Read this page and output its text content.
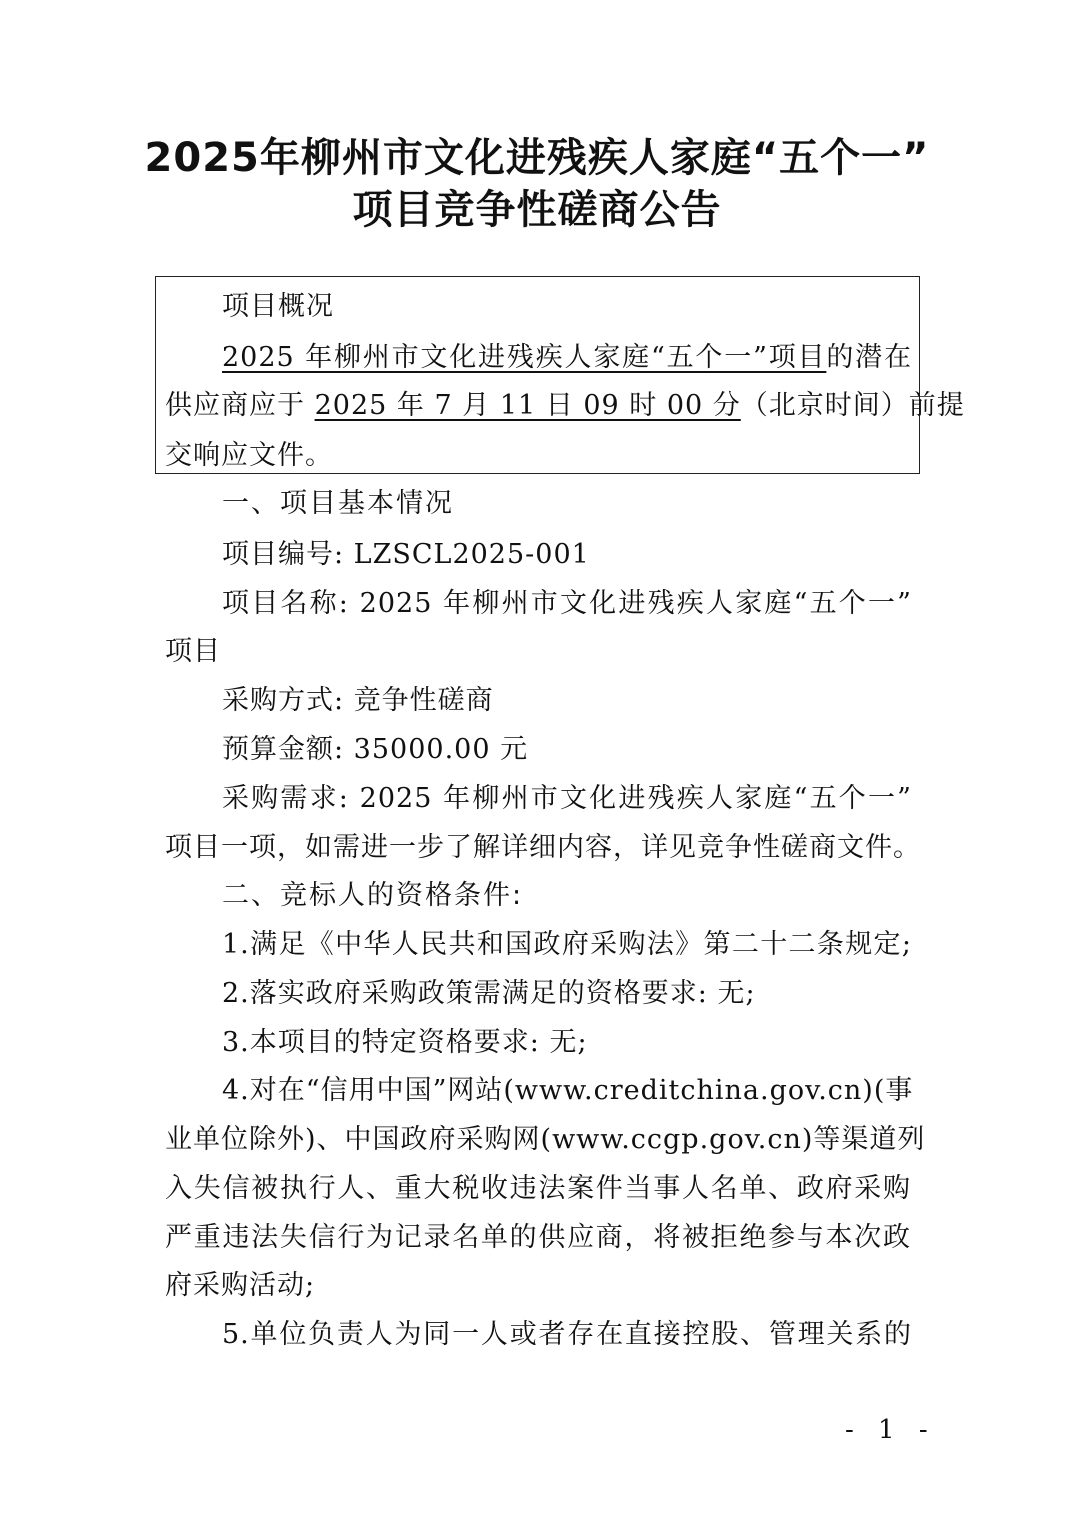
2025年柳州市文化进残疾人家庭“五个一”
项目竞争性磋商公告
项目概况
2025 年柳州市文化进残疾人家庭“五个一”项目的潜在
供应商应于 2025 年 7 月 11 日 09 时 00 分（北京时间）前提
交响应文件。
一、项目基本情况
项目编号: LZSCL2025-001
项目名称: 2025 年柳州市文化进残疾人家庭“五个一”
项目
采购方式: 竞争性磋商
预算金额: 35000.00 元
采购需求: 2025 年柳州市文化进残疾人家庭“五个一”
项目一项，如需进一步了解详细内容，详见竞争性磋商文件。
二、竞标人的资格条件:
1.满足《中华人民共和国政府采购法》第二十二条规定;
2.落实政府采购政策需满足的资格要求: 无;
3.本项目的特定资格要求: 无;
4.对在“信用中国”网站(www.creditchina.gov.cn)(事
业单位除外)、中国政府采购网(www.ccgp.gov.cn)等渠道列
入失信被执行人、重大税收违法案件当事人名单、政府采购
严重违法失信行为记录名单的供应商，将被拒绝参与本次政
府采购活动;
5.单位负责人为同一人或者存在直接控股、管理关系的
- 1 -
